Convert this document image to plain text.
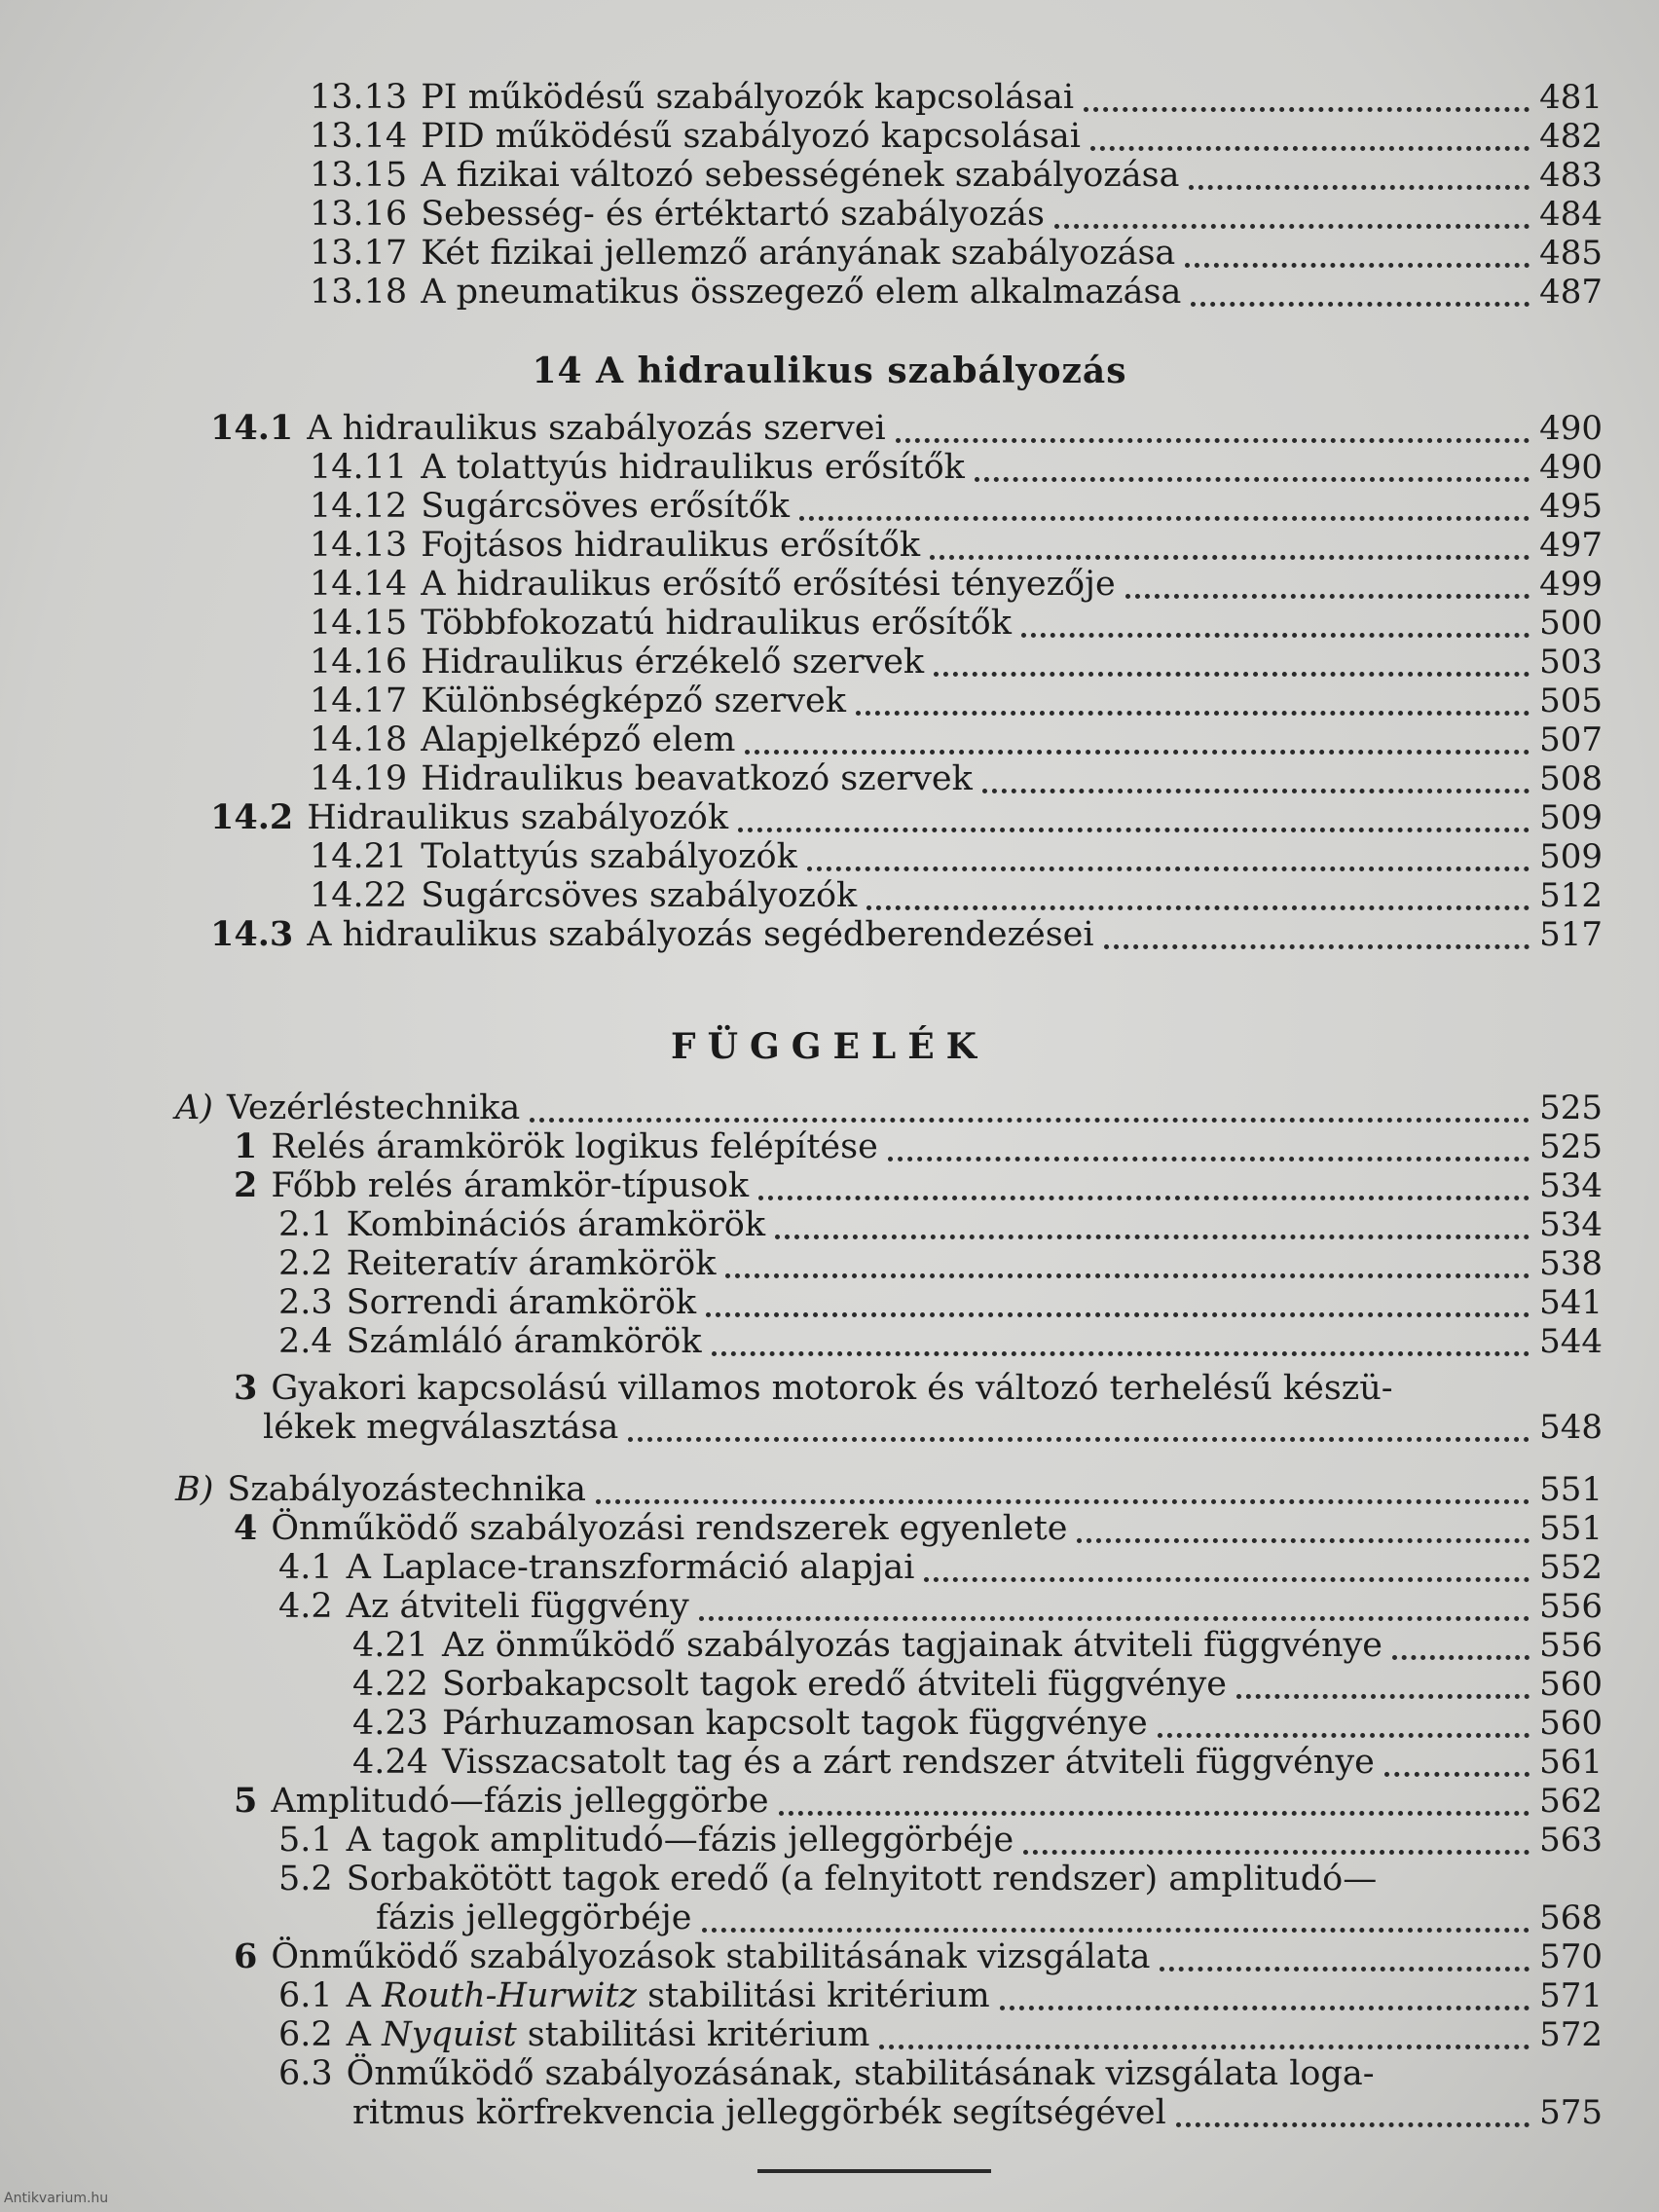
13.13 PI működésű szabályozók kapcsolásai	481
13.14 PID működésű szabályozó kapcsolásai	482
13.15 A fizikai változó sebességének szabályozása	483
13.16 Sebesség- és értéktartó szabályozás	484
13.17 Két fizikai jellemző arányának szabályozása	485
13.18 A pneumatikus összegező elem alkalmazása	487
14 A hidraulikus szabályozás
14.1 A hidraulikus szabályozás szervei	490
14.11 A tolattyús hidraulikus erősítők	490
14.12 Sugárcsöves erősítők	495
14.13 Fojtásos hidraulikus erősítők	497
14.14 A hidraulikus erősítő erősítési tényezője	499
14.15 Többfokozatú hidraulikus erősítők	500
14.16 Hidraulikus érzékelő szervek	503
14.17 Különbségképző szervek	505
14.18 Alapjelképző elem	507
14.19 Hidraulikus beavatkozó szervek	508
14.2 Hidraulikus szabályozók	509
14.21 Tolattyús szabályozók	509
14.22 Sugárcsöves szabályozók	512
14.3 A hidraulikus szabályozás segédberendezései	517
FÜGGELÉK
A) Vezérléstechnika	525
1 Relés áramkörök logikus felépítése	525
2 Főbb relés áramkör-típusok	534
2.1 Kombinációs áramkörök	534
2.2 Reiteratív áramkörök	538
2.3 Sorrendi áramkörök	541
2.4 Számláló áramkörök	544
3 Gyakori kapcsolású villamos motorok és változó terhelésű készü-
lékek megválasztása	548
B) Szabályozástechnika	551
4 Önműködő szabályozási rendszerek egyenlete	551
4.1 A Laplace-transzformáció alapjai	552
4.2 Az átviteli függvény	556
4.21 Az önműködő szabályozás tagjainak átviteli függvénye	556
4.22 Sorbakapcsolt tagok eredő átviteli függvénye	560
4.23 Párhuzamosan kapcsolt tagok függvénye	560
4.24 Visszacsatolt tag és a zárt rendszer átviteli függvénye	561
5 Amplitudó—fázis jelleggörbe	562
5.1 A tagok amplitudó—fázis jelleggörbéje	563
5.2 Sorbakötött tagok eredő (a felnyitott rendszer) amplitudó—
fázis jelleggörbéje	568
6 Önműködő szabályozások stabilitásának vizsgálata	570
6.1 A Routh-Hurwitz stabilitási kritérium	571
6.2 A Nyquist stabilitási kritérium	572
6.3 Önműködő szabályozásának, stabilitásának vizsgálata loga-
ritmus körfrekvencia jelleggörbék segítségével	575
Antikvarium.hu
